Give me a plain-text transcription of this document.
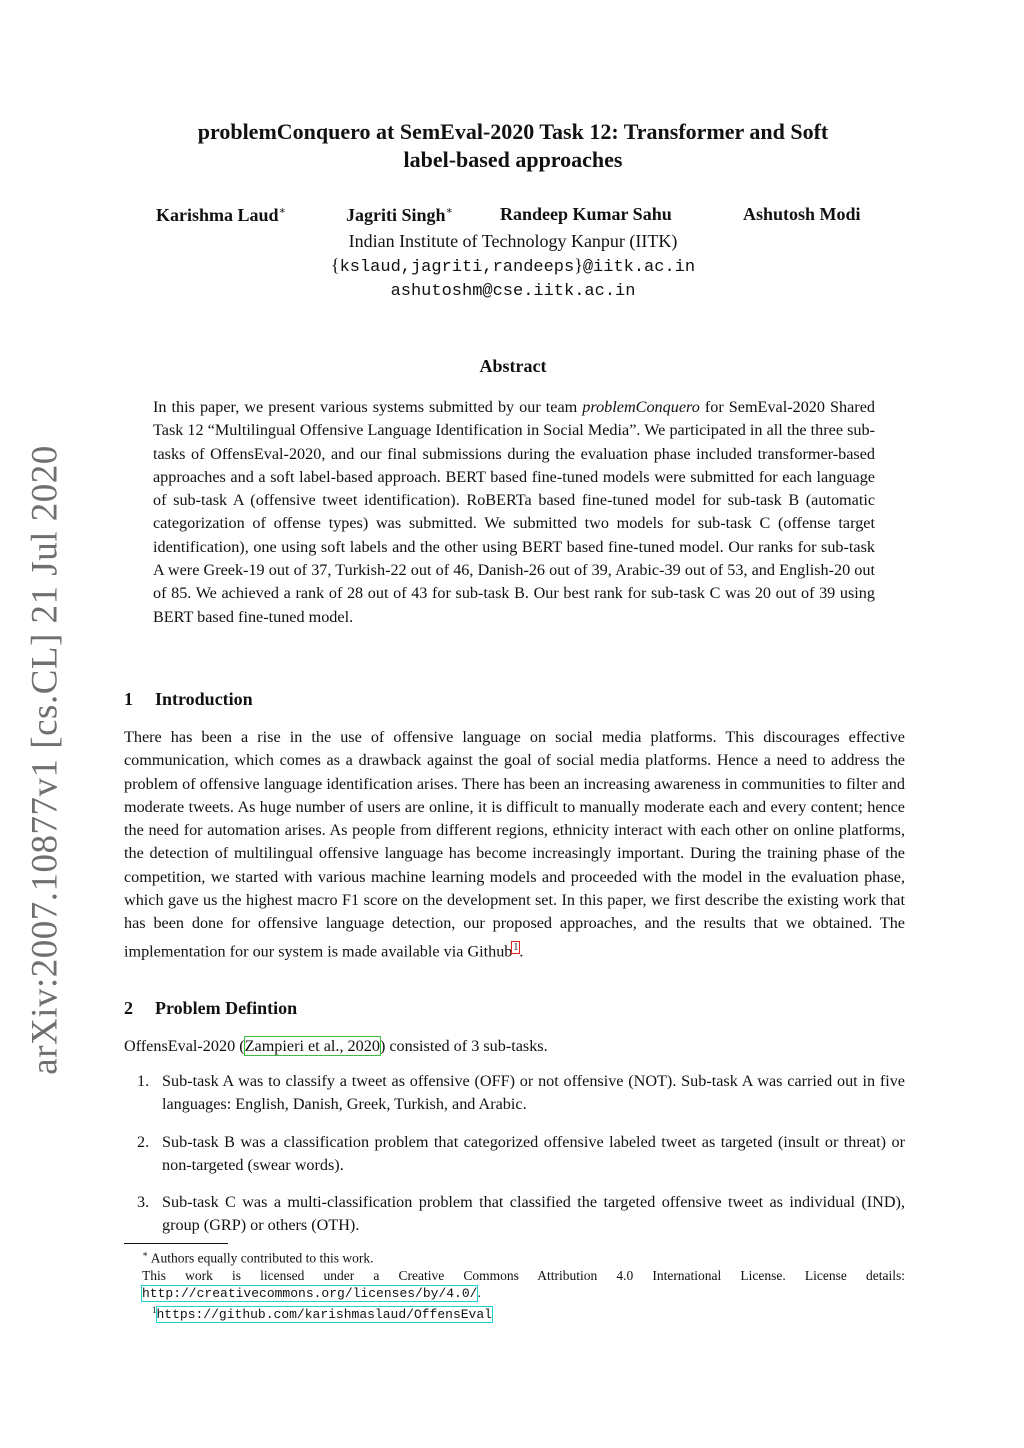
arXiv:2007.10877v1 [cs.CL] 21 Jul 2020
problemConquero at SemEval-2020 Task 12: Transformer and Soft
label-based approaches
Karishma Laud∗	Jagriti Singh∗	Randeep Kumar Sahu	Ashutosh Modi
Indian Institute of Technology Kanpur (IITK)
{kslaud,jagriti,randeeps}@iitk.ac.in
ashutoshm@cse.iitk.ac.in
Abstract

In this paper, we present various systems submitted by our team problemConquero for SemEval-2020 Shared Task 12 “Multilingual Offensive Language Identification in Social Media”. We participated in all the three sub-tasks of OffensEval-2020, and our final submissions during the evaluation phase included transformer-based approaches and a soft label-based approach. BERT based fine-tuned models were submitted for each language of sub-task A (offensive tweet identification). RoBERTa based fine-tuned model for sub-task B (automatic categorization of offense types) was submitted. We submitted two models for sub-task C (offense target identification), one using soft labels and the other using BERT based fine-tuned model. Our ranks for sub-task A were Greek-19 out of 37, Turkish-22 out of 46, Danish-26 out of 39, Arabic-39 out of 53, and English-20 out of 85. We achieved a rank of 28 out of 43 for sub-task B. Our best rank for sub-task C was 20 out of 39 using BERT based fine-tuned model.

1 Introduction

There has been a rise in the use of offensive language on social media platforms. This discourages effective communication, which comes as a drawback against the goal of social media platforms. Hence a need to address the problem of offensive language identification arises. There has been an increasing awareness in communities to filter and moderate tweets. As huge number of users are online, it is difficult to manually moderate each and every content; hence the need for automation arises. As people from different regions, ethnicity interact with each other on online platforms, the detection of multilingual offensive language has become increasingly important. During the training phase of the competition, we started with various machine learning models and proceeded with the model in the evaluation phase, which gave us the highest macro F1 score on the development set. In this paper, we first describe the existing work that has been done for offensive language detection, our proposed approaches, and the results that we obtained. The implementation for our system is made available via Github$^1$.

2 Problem Defintion

OffensEval-2020 (Zampieri et al., 2020) consisted of 3 sub-tasks.

1. Sub-task A was to classify a tweet as offensive (OFF) or not offensive (NOT). Sub-task A was carried out in five languages: English, Danish, Greek, Turkish, and Arabic.
2. Sub-task B was a classification problem that categorized offensive labeled tweet as targeted (insult or threat) or non-targeted (swear words).
3. Sub-task C was a multi-classification problem that classified the targeted offensive tweet as individual (IND), group (GRP) or others (OTH).

∗ Authors equally contributed to this work.

This work is licensed under a Creative Commons Attribution 4.0 International License. License details: http://creativecommons.org/licenses/by/4.0/.

$^1$https://github.com/karishmaslaud/OffensEval
